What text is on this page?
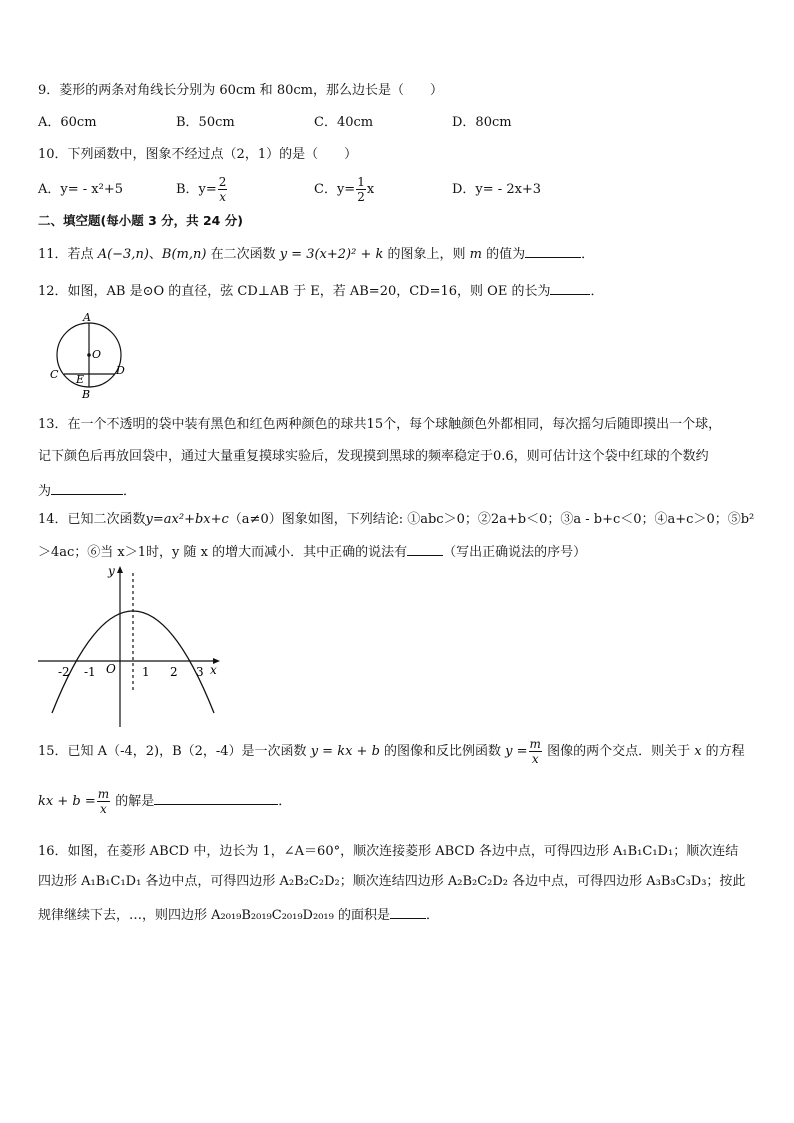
9．菱形的两条对角线长分别为 60cm 和 80cm，那么边长是（　　）
A．60cm	B．50cm	C．40cm	D．80cm
10．下列函数中，图象不经过点（2，1）的是（　　）
A．y= - x²+5	B．$y= \frac{2}{x}$	C．$y= \frac{1}{2}$ x	D．y= - 2x+3
二、填空题(每小题 3 分，共 24 分)
11．若点 A(−3,n)、B(m,n) 在二次函数 y = 3(x+2)² + k 的图象上，则 m 的值为	．
12．如图，AB 是⊙O 的直径，弦 CD⊥AB 于 E，若 AB=20，CD=16，则 OE 的长为	．
A
O
C E
D
B
13．在一个不透明的袋中装有黑色和红色两种颜色的球共15个，每个球触颜色外都相同，每次摇匀后随即摸出一个球，
记下颜色后再放回袋中，通过大量重复摸球实验后，发现摸到黑球的频率稳定于0.6，则可估计这个袋中红球的个数约
为	．
14．已知二次函数y=ax²+bx+c（a≠0）图象如图，下列结论: ①abc＞0；②2a+b＜0；③a - b+c＜0；④a+c＞0；⑤b²
＞4ac；⑥当 x＞1时，y 随 x 的增大而减小．其中正确的说法有	（写出正确说法的序号）
y
x
O
-2 -1	1 2 3
15．已知 A（-4，2)，B（2，-4）是一次函数 y = kx + b 的图像和反比例函数 $y = \frac{m}{x}$ 图像的两个交点．则关于 x 的方程
kx + $b = \frac{m}{x}$ 的解是	．
16．如图，在菱形 ABCD 中，边长为 1，∠A＝60°，顺次连接菱形 ABCD 各边中点，可得四边形 A₁B₁C₁D₁；顺次连结
四边形 A₁B₁C₁D₁ 各边中点，可得四边形 A₂B₂C₂D₂；顺次连结四边形 A₂B₂C₂D₂ 各边中点，可得四边形 A₃B₃C₃D₃；按此
规律继续下去，…，则四边形 A₂₀₁₉B₂₀₁₉C₂₀₁₉D₂₀₁₉ 的面积是	．
